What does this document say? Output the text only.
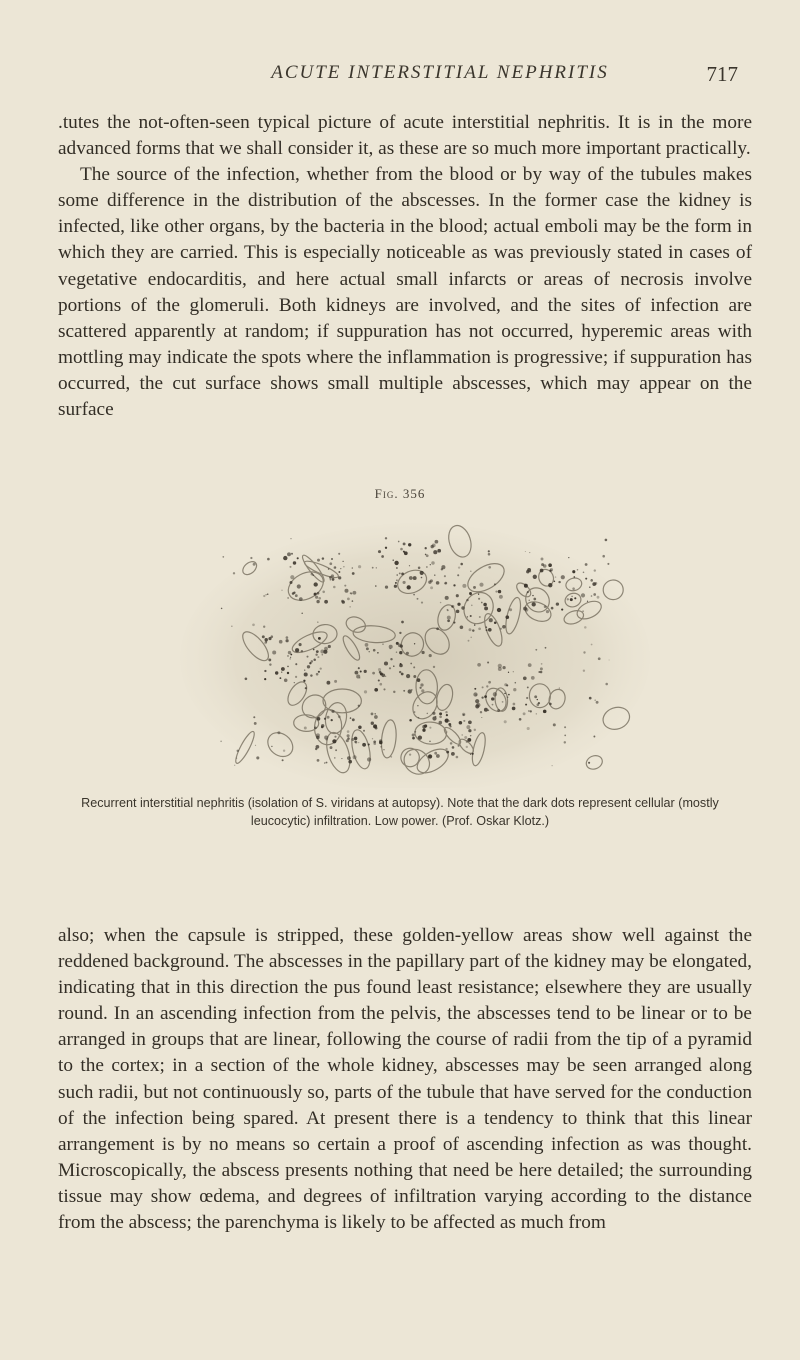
ACUTE INTERSTITIAL NEPHRITIS	717

.tutes the not-often-seen typical picture of acute interstitial nephritis. It is in the more advanced forms that we shall consider it, as these are so much more important practically.

The source of the infection, whether from the blood or by way of the tubules makes some difference in the distribution of the abscesses. In the former case the kidney is infected, like other organs, by the bacteria in the blood; actual emboli may be the form in which they are carried. This is especially noticeable as was previously stated in cases of vegetative endocarditis, and here actual small infarcts or areas of necrosis involve portions of the glomeruli. Both kidneys are involved, and the sites of infection are scattered apparently at random; if suppuration has not occurred, hyperemic areas with mottling may indicate the spots where the inflammation is progressive; if suppuration has occurred, the cut surface shows small multiple abscesses, which may appear on the surface

Fig. 356
Recurrent interstitial nephritis (isolation of S. viridans at autopsy). Note that the dark dots represent cellular (mostly leucocytic) infiltration. Low power. (Prof. Oskar Klotz.)

also; when the capsule is stripped, these golden-yellow areas show well against the reddened background. The abscesses in the papillary part of the kidney may be elongated, indicating that in this direction the pus found least resistance; elsewhere they are usually round. In an ascending infection from the pelvis, the abscesses tend to be linear or to be arranged in groups that are linear, following the course of radii from the tip of a pyramid to the cortex; in a section of the whole kidney, abscesses may be seen arranged along such radii, but not continuously so, parts of the tubule that have served for the conduction of the infection being spared. At present there is a tendency to think that this linear arrangement is by no means so certain a proof of ascending infection as was thought. Microscopically, the abscess presents nothing that need be here detailed; the surrounding tissue may show œdema, and degrees of infiltration varying according to the distance from the abscess; the parenchyma is likely to be affected as much from
